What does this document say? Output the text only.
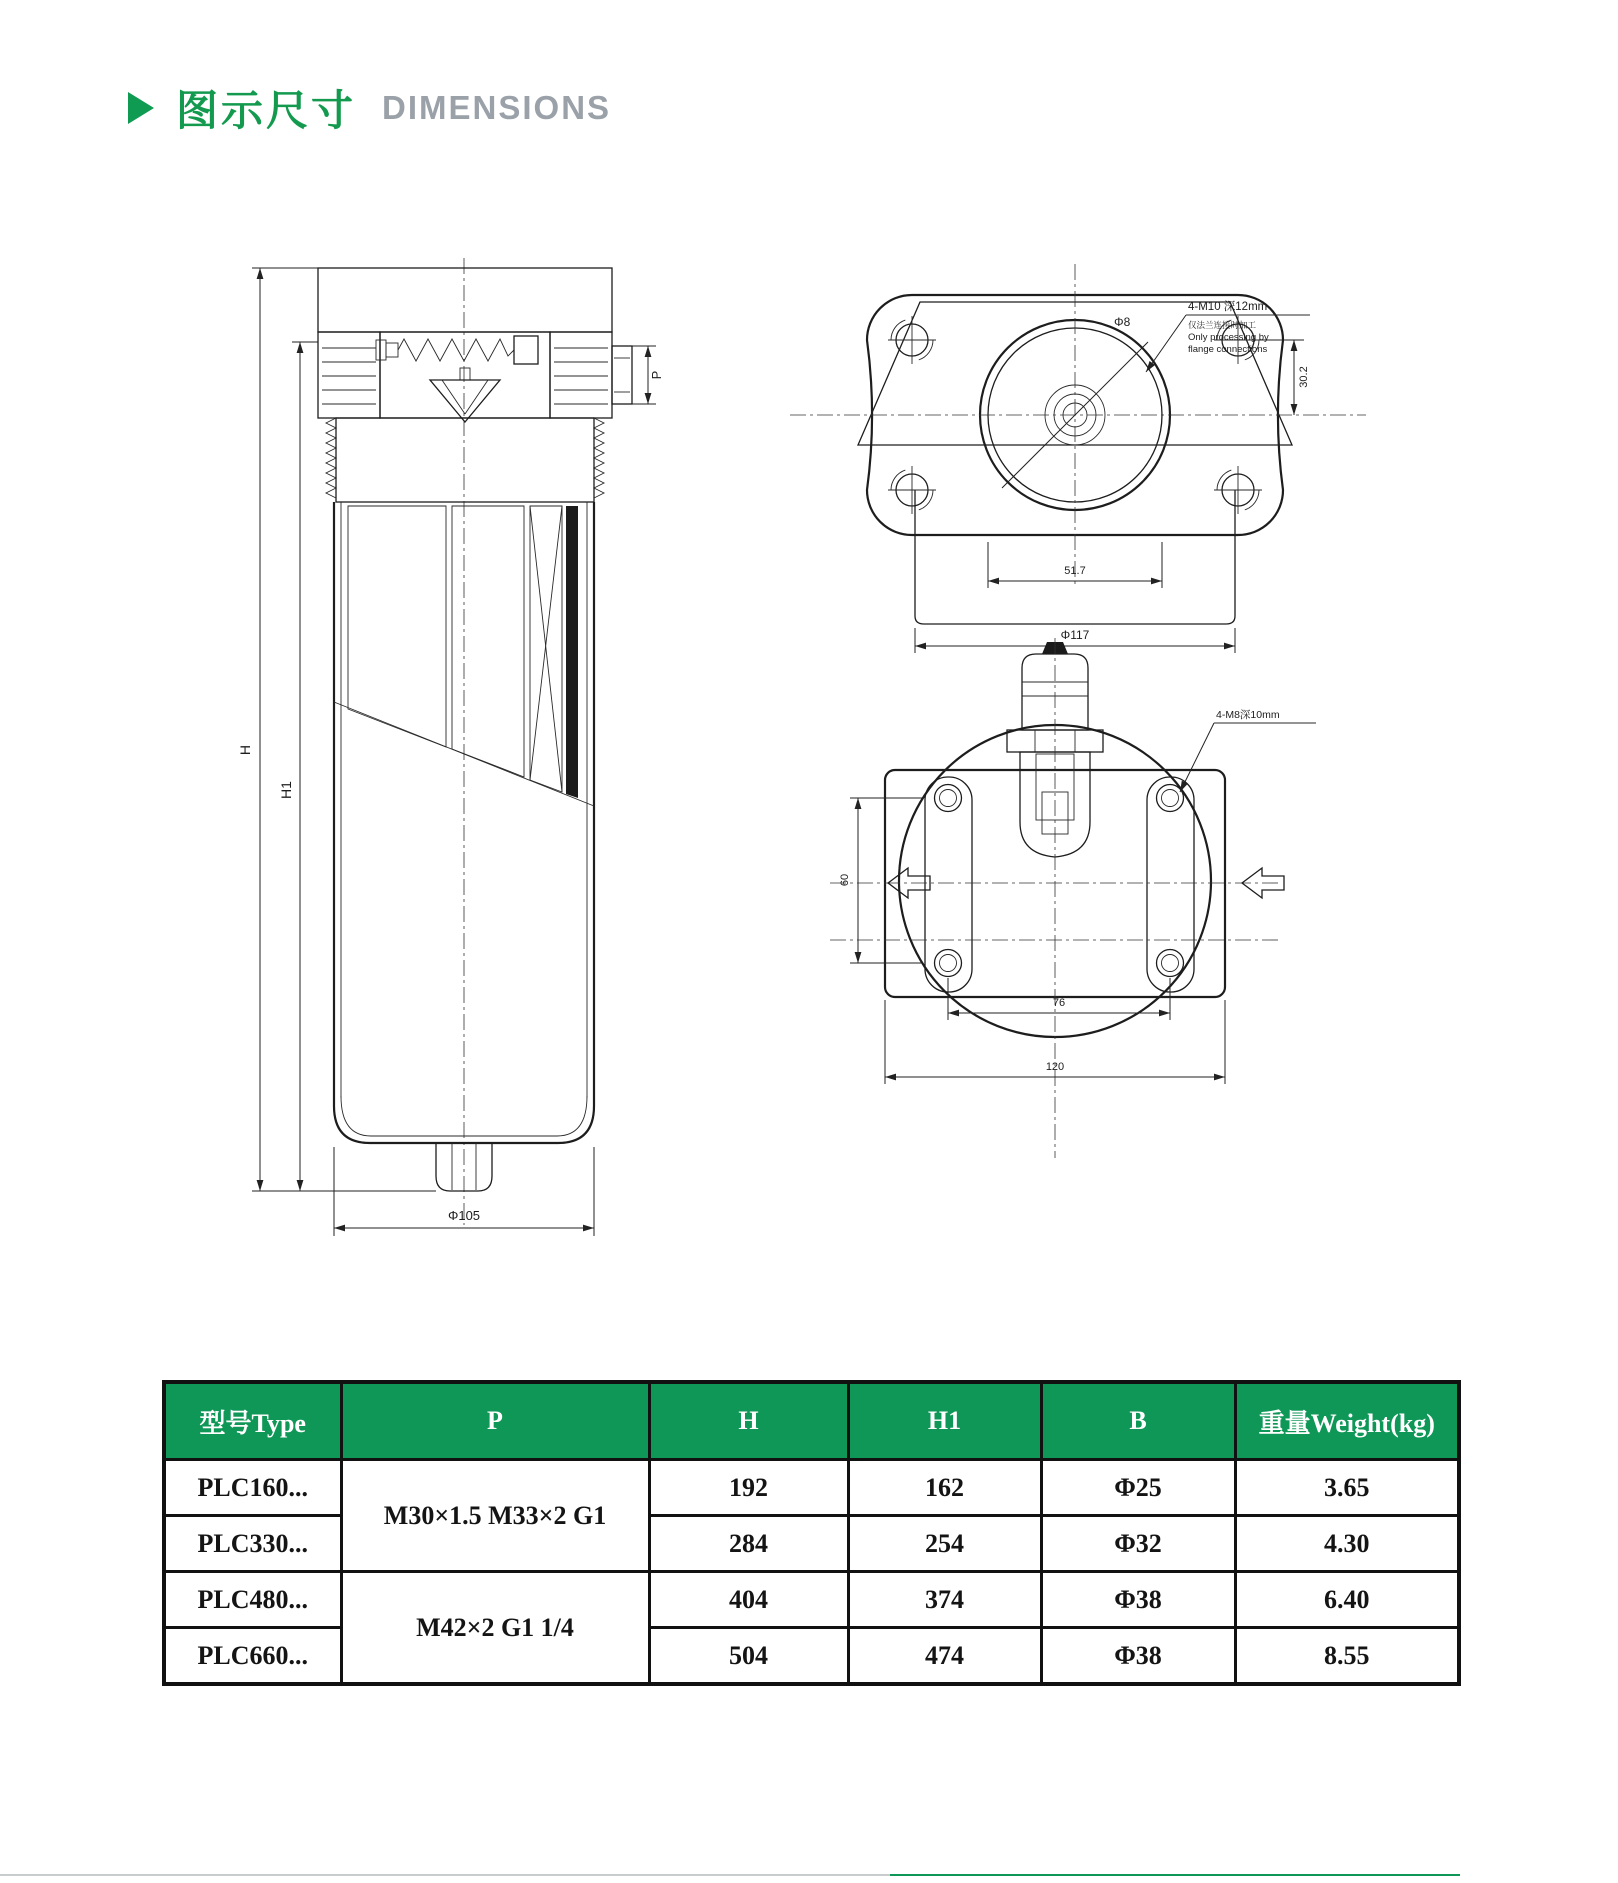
图示尺寸 DIMENSIONS
H
H1
P
Φ105
Φ8
30.2
51.7
Φ117
4-M10 深12mm
仅法兰连接时加工
Only processing by
flange connections
60
76
120
4-M8深10mm
型号Type	P	H	H1	B	重量Weight(kg)
PLC160...	M30×1.5 M33×2 G1	192	162	Φ25	3.65
PLC330...		284	254	Φ32	4.30
PLC480...	M42×2 G1 1/4	404	374	Φ38	6.40
PLC660...		504	474	Φ38	8.55
